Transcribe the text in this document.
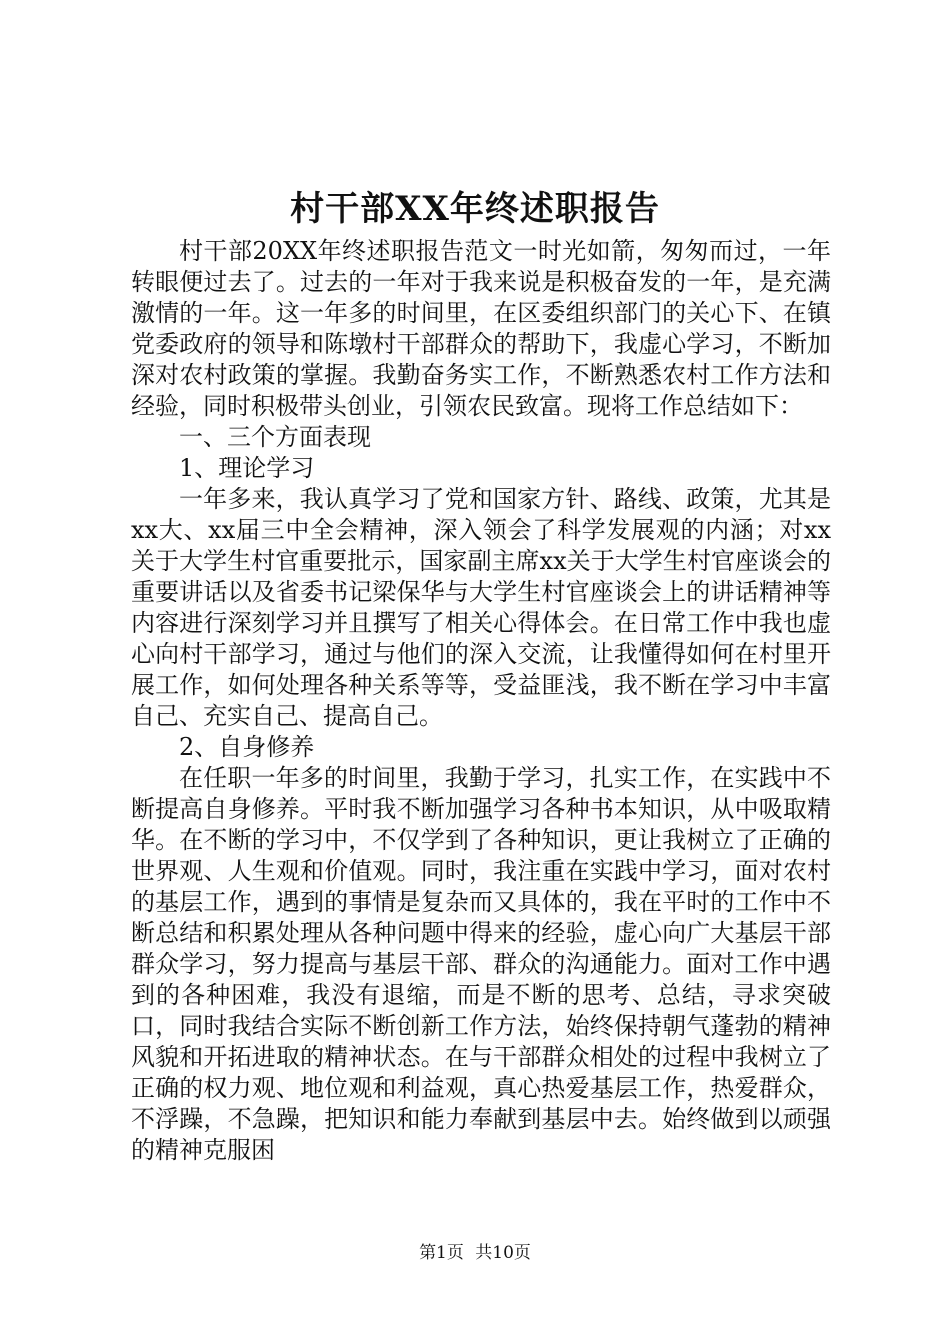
村干部XX年终述职报告

村干部20XX年终述职报告范文一时光如箭，匆匆而过，一年转眼便过去了。过去的一年对于我来说是积极奋发的一年，是充满激情的一年。这一年多的时间里，在区委组织部门的关心下、在镇党委政府的领导和陈墩村干部群众的帮助下，我虚心学习，不断加深对农村政策的掌握。我勤奋务实工作，不断熟悉农村工作方法和经验，同时积极带头创业，引领农民致富。现将工作总结如下：

一、三个方面表现

1、理论学习

一年多来，我认真学习了党和国家方针、路线、政策，尤其是xx大、xx届三中全会精神，深入领会了科学发展观的内涵；对xx关于大学生村官重要批示，国家副主席xx关于大学生村官座谈会的重要讲话以及省委书记梁保华与大学生村官座谈会上的讲话精神等内容进行深刻学习并且撰写了相关心得体会。在日常工作中我也虚心向村干部学习，通过与他们的深入交流，让我懂得如何在村里开展工作，如何处理各种关系等等，受益匪浅，我不断在学习中丰富自己、充实自己、提高自己。

2、自身修养

在任职一年多的时间里，我勤于学习，扎实工作，在实践中不断提高自身修养。平时我不断加强学习各种书本知识，从中吸取精华。在不断的学习中，不仅学到了各种知识，更让我树立了正确的世界观、人生观和价值观。同时，我注重在实践中学习，面对农村的基层工作，遇到的事情是复杂而又具体的，我在平时的工作中不断总结和积累处理从各种问题中得来的经验，虚心向广大基层干部群众学习，努力提高与基层干部、群众的沟通能力。面对工作中遇到的各种困难，我没有退缩，而是不断的思考、总结，寻求突破口，同时我结合实际不断创新工作方法，始终保持朝气蓬勃的精神风貌和开拓进取的精神状态。在与干部群众相处的过程中我树立了正确的权力观、地位观和利益观，真心热爱基层工作，热爱群众，不浮躁，不急躁，把知识和能力奉献到基层中去。始终做到以顽强的精神克服困

第1页 共10页
